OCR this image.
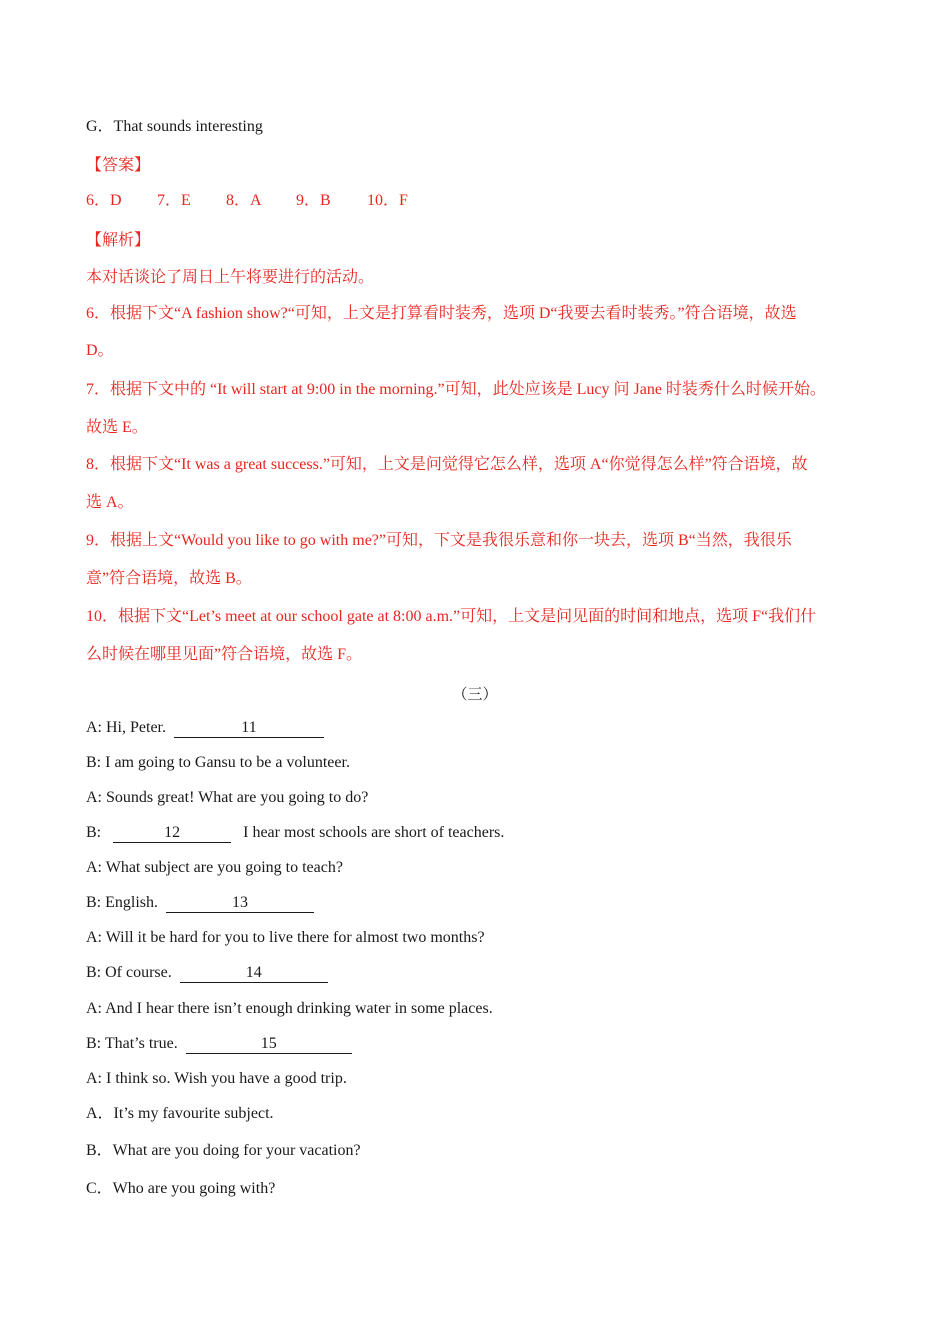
G．That sounds interesting
【答案】
6．D 7．E 8．A 9．B 10．F
【解析】
本对话谈论了周日上午将要进行的活动。
6．根据下文“A fashion show?“可知，上文是打算看时装秀，选项 D“我要去看时装秀。”符合语境，故选
D。
7．根据下文中的 “It will start at 9:00 in the morning.”可知，此处应该是 Lucy 问 Jane 时装秀什么时候开始。
故选 E。
8．根据下文“It was a great success.”可知，上文是问觉得它怎么样，选项 A“你觉得怎么样”符合语境，故
选 A。
9．根据上文“Would you like to go with me?”可知，下文是我很乐意和你一块去，选项 B“当然，我很乐
意”符合语境，故选 B。
10．根据下文“Let’s meet at our school gate at 8:00 a.m.”可知，上文是问见面的时间和地点，选项 F“我们什
么时候在哪里见面”符合语境，故选 F。
（三）
A: Hi, Peter.	11
B: I am going to Gansu to be a volunteer.
A: Sounds great! What are you going to do?
B:	12	I hear most schools are short of teachers.
A: What subject are you going to teach?
B: English.	13
A: Will it be hard for you to live there for almost two months?
B: Of course.	14
A: And I hear there isn’t enough drinking water in some places.
B: That’s true.	15
A: I think so. Wish you have a good trip.
A．It’s my favourite subject.
B．What are you doing for your vacation?
C．Who are you going with?
